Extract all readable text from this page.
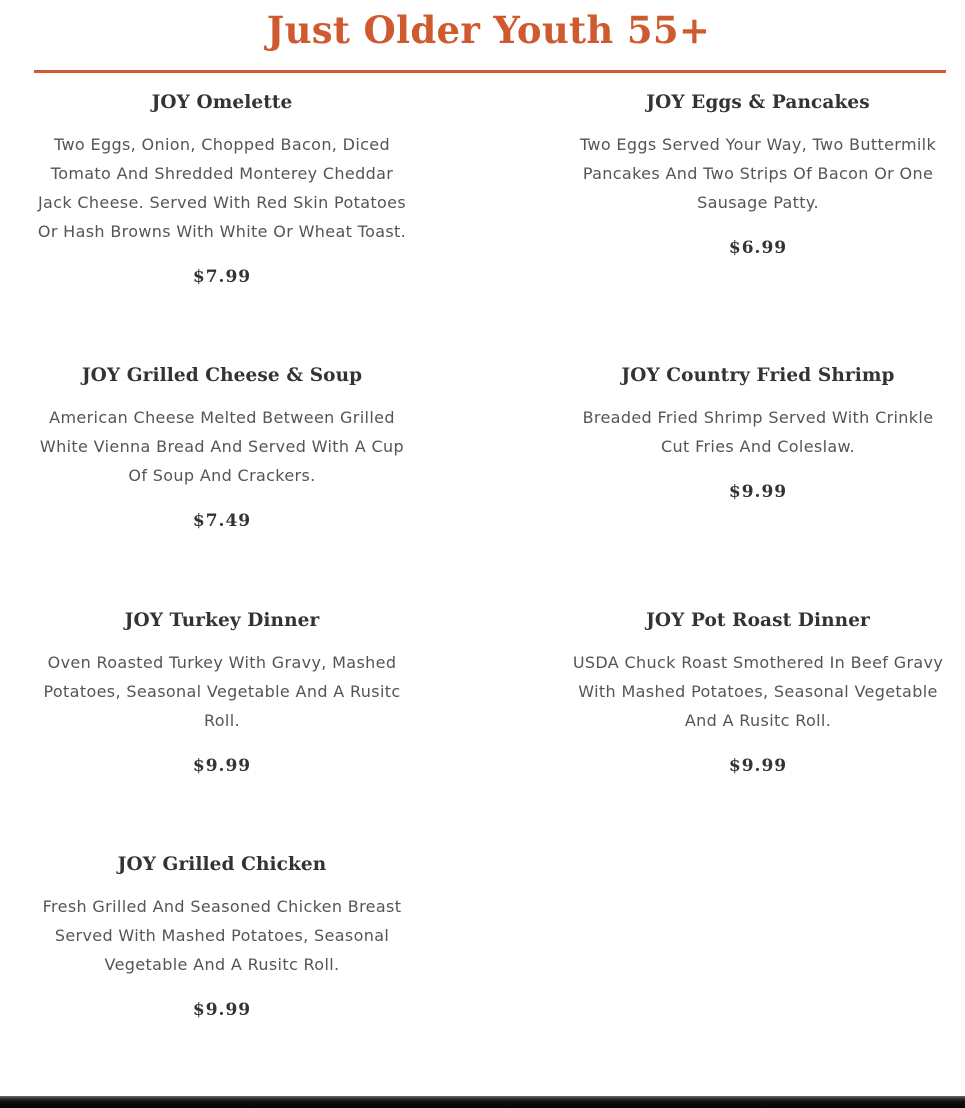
Just Older Youth 55+
JOY Omelette

Two Eggs, Onion, Chopped Bacon, Diced Tomato And Shredded Monterey Cheddar Jack Cheese. Served With Red Skin Potatoes Or Hash Browns With White Or Wheat Toast.

$7.99

JOY Eggs & Pancakes

Two Eggs Served Your Way, Two Buttermilk Pancakes And Two Strips Of Bacon Or One Sausage Patty.

$6.99

JOY Grilled Cheese & Soup

American Cheese Melted Between Grilled White Vienna Bread And Served With A Cup Of Soup And Crackers.

$7.49

JOY Country Fried Shrimp

Breaded Fried Shrimp Served With Crinkle Cut Fries And Coleslaw.

$9.99

JOY Turkey Dinner

Oven Roasted Turkey With Gravy, Mashed Potatoes, Seasonal Vegetable And A Rusitc Roll.

$9.99

JOY Pot Roast Dinner

USDA Chuck Roast Smothered In Beef Gravy With Mashed Potatoes, Seasonal Vegetable And A Rusitc Roll.

$9.99

JOY Grilled Chicken

Fresh Grilled And Seasoned Chicken Breast Served With Mashed Potatoes, Seasonal Vegetable And A Rusitc Roll.

$9.99
